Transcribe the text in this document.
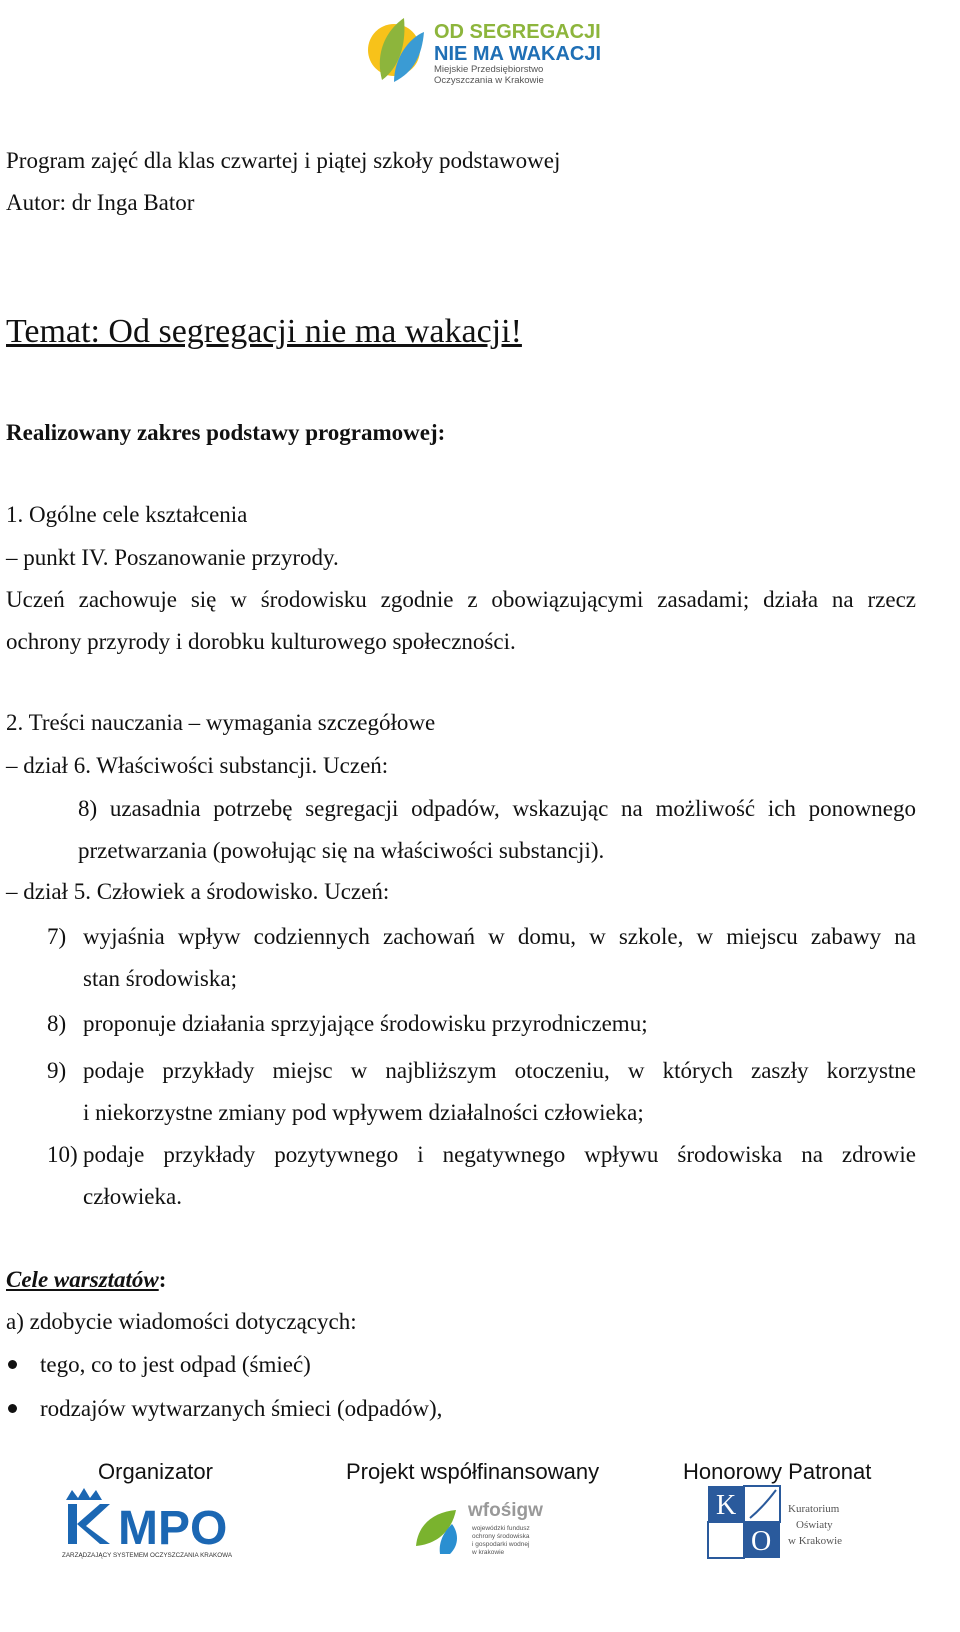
OD SEGREGACJI
NIE MA WAKACJI
Miejskie Przedsiębiorstwo
Oczyszczania w Krakowie
Program zajęć dla klas czwartej i piątej szkoły podstawowej
Autor: dr Inga Bator
Temat: Od segregacji nie ma wakacji!
Realizowany zakres podstawy programowej:
1. Ogólne cele kształcenia
– punkt IV. Poszanowanie przyrody.
Uczeń zachowuje się w środowisku zgodnie z obowiązującymi zasadami; działa na rzecz
ochrony przyrody i dorobku kulturowego społeczności.
2. Treści nauczania – wymagania szczegółowe
– dział 6. Właściwości substancji. Uczeń:
8) uzasadnia potrzebę segregacji odpadów, wskazując na możliwość ich ponownego
przetwarzania (powołując się na właściwości substancji).
– dział 5. Człowiek a środowisko. Uczeń:
7) wyjaśnia wpływ codziennych zachowań w domu, w szkole, w miejscu zabawy na
stan środowiska;
8) proponuje działania sprzyjające środowisku przyrodniczemu;
9) podaje przykłady miejsc w najbliższym otoczeniu, w których zaszły korzystne
i niekorzystne zmiany pod wpływem działalności człowieka;
10) podaje przykłady pozytywnego i negatywnego wpływu środowiska na zdrowie
człowieka.
Cele warsztatów:
a) zdobycie wiadomości dotyczących:
tego, co to jest odpad (śmieć)
rodzajów wytwarzanych śmieci (odpadów),
Organizator	Projekt współfinansowany	Honorowy Patronat
MPO
ZARZĄDZAJĄCY SYSTEMEM OCZYSZCZANIA KRAKOWA
wfośigw
wojewódzki fundusz
ochrony środowiska
i gospodarki wodnej
w krakowie
K
O
Kuratorium
Oświaty
w Krakowie
